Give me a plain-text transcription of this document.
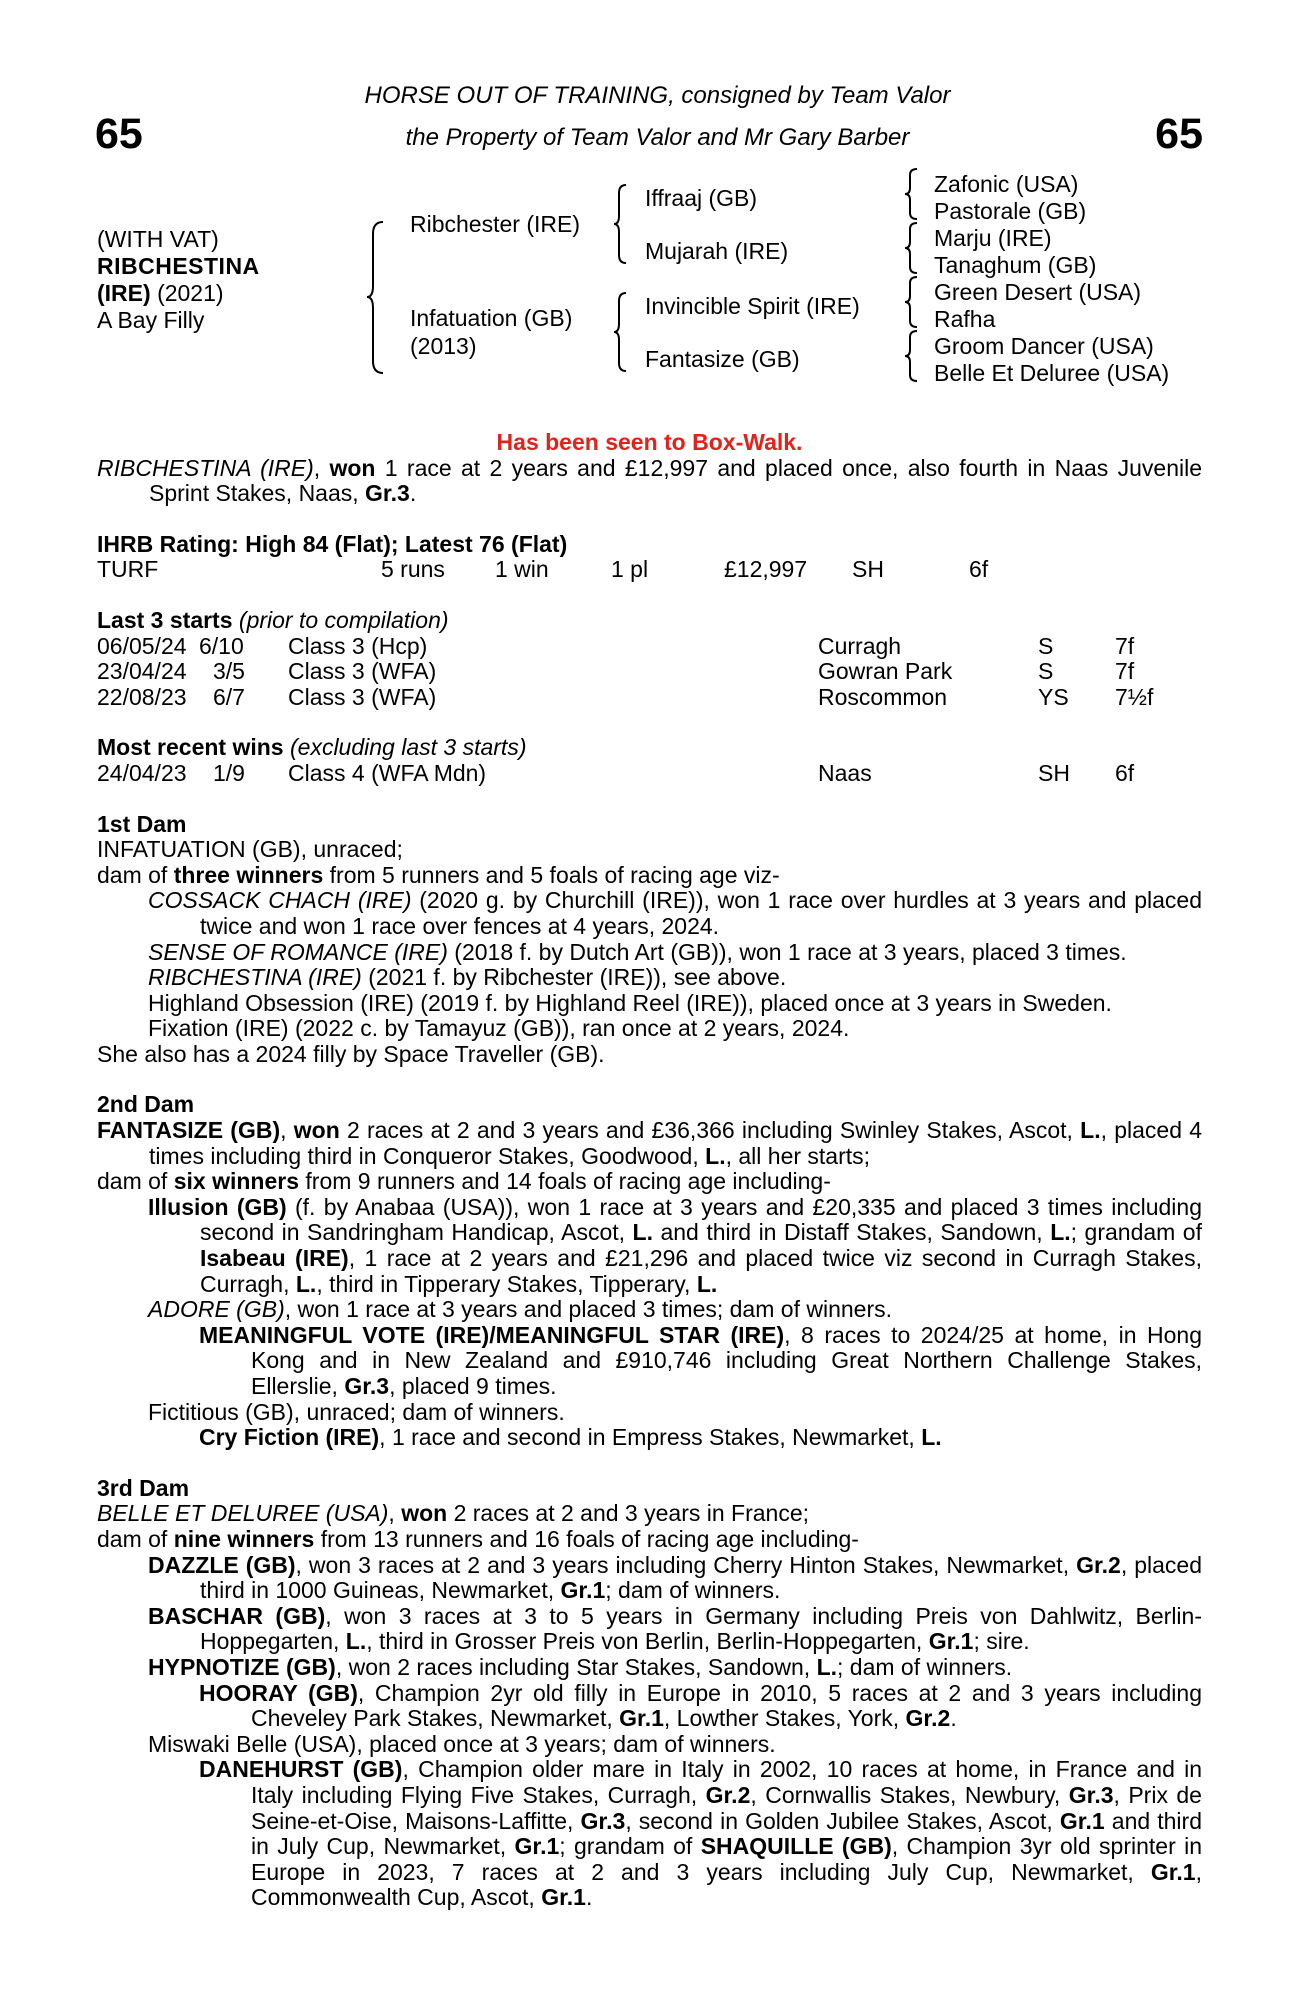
65	65
HORSE OUT OF TRAINING, consigned by Team Valor
the Property of Team Valor and Mr Gary Barber
(WITH VAT)
RIBCHESTINA
(IRE) (2021)
A Bay Filly
Ribchester (IRE)
Infatuation (GB)
(2013)
Iffraaj (GB)
Mujarah (IRE)
Invincible Spirit (IRE)
Fantasize (GB)
Zafonic (USA)
Pastorale (GB)
Marju (IRE)
Tanaghum (GB)
Green Desert (USA)
Rafha
Groom Dancer (USA)
Belle Et Deluree (USA)

Has been seen to Box-Walk.

RIBCHESTINA (IRE), won 1 race at 2 years and £12,997 and placed once, also fourth in Naas Juvenile Sprint Stakes, Naas, Gr.3.

IHRB Rating: High 84 (Flat); Latest 76 (Flat)

TURF	5 runs 1 win	1 pl	£12,997 SH	6f

Last 3 starts (prior to compilation)

06/05/24 6/10 Class 3 (Hcp)	Curragh	S	7f
23/04/24 3/5 Class 3 (WFA)	Gowran Park	S	7f
22/08/23 6/7 Class 3 (WFA)	Roscommon	YS 7½f

Most recent wins (excluding last 3 starts)

24/04/23 1/9 Class 4 (WFA Mdn)	Naas	SH 6f

1st Dam

INFATUATION (GB), unraced;

dam of three winners from 5 runners and 5 foals of racing age viz-

COSSACK CHACH (IRE) (2020 g. by Churchill (IRE)), won 1 race over hurdles at 3 years and placed twice and won 1 race over fences at 4 years, 2024.

SENSE OF ROMANCE (IRE) (2018 f. by Dutch Art (GB)), won 1 race at 3 years, placed 3 times.

RIBCHESTINA (IRE) (2021 f. by Ribchester (IRE)), see above.

Highland Obsession (IRE) (2019 f. by Highland Reel (IRE)), placed once at 3 years in Sweden.

Fixation (IRE) (2022 c. by Tamayuz (GB)), ran once at 2 years, 2024.

She also has a 2024 filly by Space Traveller (GB).

2nd Dam

FANTASIZE (GB), won 2 races at 2 and 3 years and £36,366 including Swinley Stakes, Ascot, L., placed 4 times including third in Conqueror Stakes, Goodwood, L., all her starts;

dam of six winners from 9 runners and 14 foals of racing age including-

Illusion (GB) (f. by Anabaa (USA)), won 1 race at 3 years and £20,335 and placed 3 times including second in Sandringham Handicap, Ascot, L. and third in Distaff Stakes, Sandown, L.; grandam of Isabeau (IRE), 1 race at 2 years and £21,296 and placed twice viz second in Curragh Stakes, Curragh, L., third in Tipperary Stakes, Tipperary, L.

ADORE (GB), won 1 race at 3 years and placed 3 times; dam of winners.

MEANINGFUL VOTE (IRE)/MEANINGFUL STAR (IRE), 8 races to 2024/25 at home, in Hong Kong and in New Zealand and £910,746 including Great Northern Challenge Stakes, Ellerslie, Gr.3, placed 9 times.

Fictitious (GB), unraced; dam of winners.

Cry Fiction (IRE), 1 race and second in Empress Stakes, Newmarket, L.

3rd Dam

BELLE ET DELUREE (USA), won 2 races at 2 and 3 years in France;

dam of nine winners from 13 runners and 16 foals of racing age including-

DAZZLE (GB), won 3 races at 2 and 3 years including Cherry Hinton Stakes, Newmarket, Gr.2, placed third in 1000 Guineas, Newmarket, Gr.1; dam of winners.

BASCHAR (GB), won 3 races at 3 to 5 years in Germany including Preis von Dahlwitz, Berlin-Hoppegarten, L., third in Grosser Preis von Berlin, Berlin-Hoppegarten, Gr.1; sire.

HYPNOTIZE (GB), won 2 races including Star Stakes, Sandown, L.; dam of winners.

HOORAY (GB), Champion 2yr old filly in Europe in 2010, 5 races at 2 and 3 years including Cheveley Park Stakes, Newmarket, Gr.1, Lowther Stakes, York, Gr.2.

Miswaki Belle (USA), placed once at 3 years; dam of winners.

DANEHURST (GB), Champion older mare in Italy in 2002, 10 races at home, in France and in Italy including Flying Five Stakes, Curragh, Gr.2, Cornwallis Stakes, Newbury, Gr.3, Prix de Seine-et-Oise, Maisons-Laffitte, Gr.3, second in Golden Jubilee Stakes, Ascot, Gr.1 and third in July Cup, Newmarket, Gr.1; grandam of SHAQUILLE (GB), Champion 3yr old sprinter in Europe in 2023, 7 races at 2 and 3 years including July Cup, Newmarket, Gr.1, Commonwealth Cup, Ascot, Gr.1.
